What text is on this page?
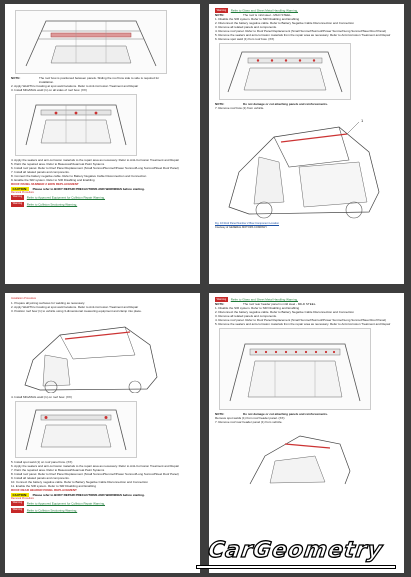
NOTE:	The roof bow is positioned between panels. Sliding the roof bow side to side is required for installation.
2. Apply WeldThru Coating at spot weld locations. Refer to Anti-Corrosion Treatment and Repair
3. Install MIG/MAG weld (1) on all sides of roof bow. (XX)
4. Apply the sealers and anti-corrosion materials to the repair area as necessary. Refer to Anti-Corrosion Treatment and Repair
5. Paint the repaired area. Refer to Basecoat/Clearcoat Paint Systems
6. Install roof panel. Refer to Roof Panel Replacement (Small Sunroof/Sunroof/Power Sunroof/Long Sunroof/Steel Roof Panel)
7. Install all related panels and components.
8. Connect the battery negative cable. Refer to Battery Negative Cable Disconnection and Connection
9. Enable the SIR system. Refer to SIR Disabling and Enabling
ROOF PANEL NUMBER 2 BOW REPLACEMENT
CAUTION:	Please refer to BODY REPAIR PRECAUTIONS AND WARNINGS before starting.
Removal Procedure
Warning Refer to Approved Equipment for Collision Repair Warning.
Warning Refer to Collision Sectioning Warning.
Warning Refer to Glass and Sheet Metal Handling Warning.
NOTE:	The roof is mild steel - MILD STEEL.
1. Disable the SIR system. Refer to SIR Disabling and Enabling
2. Disconnect the battery negative cable. Refer to Battery Negative Cable Disconnection and Connection
3. Remove all related panels and components.
4. Remove roof panel. Refer to Roof Panel Replacement (Small Sunroof/Sunroof/Power Sunroof/Long Sunroof/Steel Roof Panel)
5. Remove the sealers and anti-corrosion materials from the repair area as necessary. Refer to Anti-Corrosion Treatment and Repair
6. Remove spot weld (1) from roof bow. (XX)
NOTE:	Do not damage or cut attaching panels and reinforcements.
7. Remove roof bow (1) from vehicle.
1
Fig. 16 Roof Panel Number 2 Bow Component Location
Courtesy of GENERAL MOTORS COMPANY
Installation Procedure
1. Prepare all joining surfaces for welding as necessary.
2. Apply WeldThru Coating at spot weld locations. Refer to Anti-Corrosion Treatment and Repair
3. Position roof bow (1) to vehicle using 3-dimensional measuring equipment and clamp into place.
4. Install MIG/MAG weld (1) on roof bow. (XX)
5. Install spot weld (1) on roof panel bow. (XX)
6. Apply the sealers and anti-corrosion materials to the repair area as necessary. Refer to Anti-Corrosion Treatment and Repair
7. Paint the repaired area. Refer to Basecoat/Clearcoat Paint Systems
8. Install roof panel. Refer to Roof Panel Replacement (Small Sunroof/Sunroof/Power Sunroof/Long Sunroof/Steel Roof Panel)
9. Install all related panels and components.
10. Connect the battery negative cable. Refer to Battery Negative Cable Disconnection and Connection
11. Enable the SIR system. Refer to SIR Disabling and Enabling
ROOF REAR HEADER PANEL REPLACEMENT
CAUTION:	Please refer to BODY REPAIR PRECAUTIONS AND WARNINGS before starting.
Removal Procedure
Warning Refer to Approved Equipment for Collision Repair Warning.
Warning Refer to Collision Sectioning Warning.
Warning Refer to Glass and Sheet Metal Handling Warning.
NOTE:	The roof rear header panel is mild steel - MILD STEEL.
1. Disable the SIR system. Refer to SIR Disabling and Enabling
2. Disconnect the battery negative cable. Refer to Battery Negative Cable Disconnection and Connection
3. Remove all related panels and components.
4. Remove roof panel. Refer to Roof Panel Replacement (Small Sunroof/Sunroof/Power Sunroof/Long Sunroof/Steel Roof Panel)
5. Remove the sealers and anti-corrosion materials from the repair area as necessary. Refer to Anti-Corrosion Treatment and Repair
NOTE:	Do not damage or cut attaching panels and reinforcements.
Remove spot welds (1) from roof header panel. (XX)
7. Remove roof rear header panel (1) from vehicle.
CarGeometry
